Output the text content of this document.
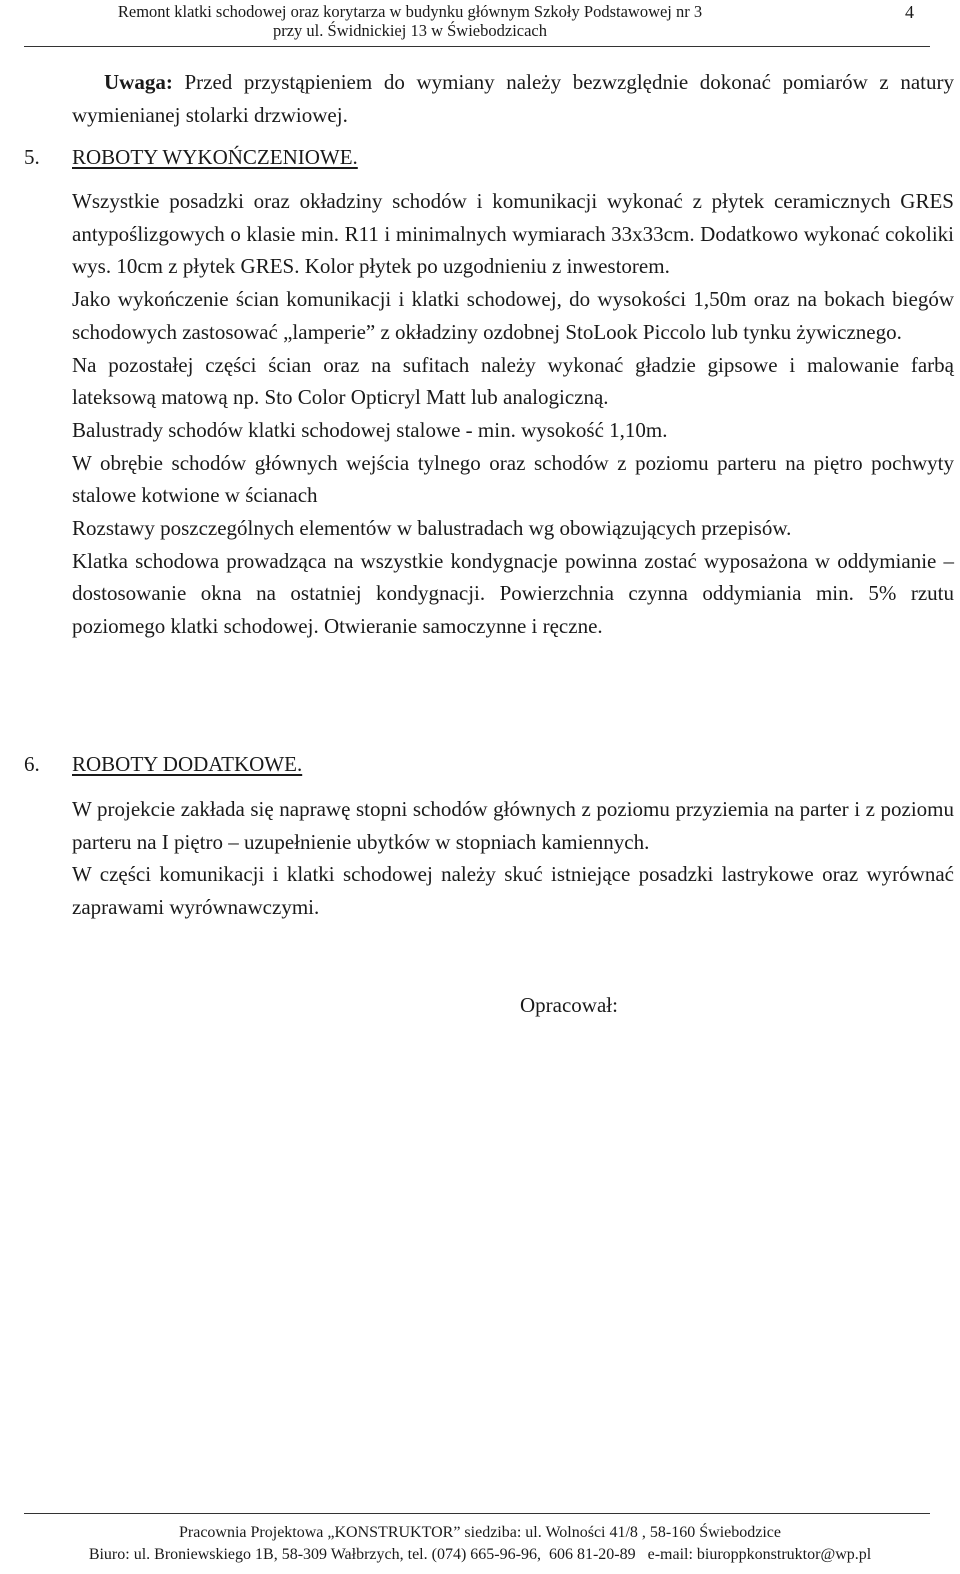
Remont klatki schodowej oraz korytarza w budynku głównym Szkoły Podstawowej nr 3
przy ul. Świdnickiej 13 w Świebodzicach
4

Uwaga: Przed przystąpieniem do wymiany należy bezwzględnie dokonać pomiarów z natury wymienianej stolarki drzwiowej.

5. ROBOTY WYKOŃCZENIOWE.

Wszystkie posadzki oraz okładziny schodów i komunikacji wykonać z płytek ceramicznych GRES antypoślizgowych o klasie min. R11 i minimalnych wymiarach 33x33cm. Dodatkowo wykonać cokoliki wys. 10cm z płytek GRES. Kolor płytek po uzgodnieniu z inwestorem.

Jako wykończenie ścian komunikacji i klatki schodowej, do wysokości 1,50m oraz na bokach biegów schodowych zastosować „lamperie” z okładziny ozdobnej StoLook Piccolo lub tynku żywicznego.

Na pozostałej części ścian oraz na sufitach należy wykonać gładzie gipsowe i malowanie farbą lateksową matową np. Sto Color Opticryl Matt lub analogiczną.

Balustrady schodów klatki schodowej stalowe - min. wysokość 1,10m.

W obrębie schodów głównych wejścia tylnego oraz schodów z poziomu parteru na piętro pochwyty stalowe kotwione w ścianach

Rozstawy poszczególnych elementów w balustradach wg obowiązujących przepisów.

Klatka schodowa prowadząca na wszystkie kondygnacje powinna zostać wyposażona w oddymianie – dostosowanie okna na ostatniej kondygnacji. Powierzchnia czynna oddymiania min. 5% rzutu poziomego klatki schodowej. Otwieranie samoczynne i ręczne.

6. ROBOTY DODATKOWE.

W projekcie zakłada się naprawę stopni schodów głównych z poziomu przyziemia na parter i z poziomu parteru na I piętro – uzupełnienie ubytków w stopniach kamiennych.

W części komunikacji i klatki schodowej należy skuć istniejące posadzki lastrykowe oraz wyrównać zaprawami wyrównawczymi.

Opracował:
Pracownia Projektowa „KONSTRUKTOR” siedziba: ul. Wolności 41/8 , 58-160 Świebodzice
Biuro: ul. Broniewskiego 1B, 58-309 Wałbrzych, tel. (074) 665-96-96,  606 81-20-89   e-mail: biuroppkonstruktor@wp.pl
